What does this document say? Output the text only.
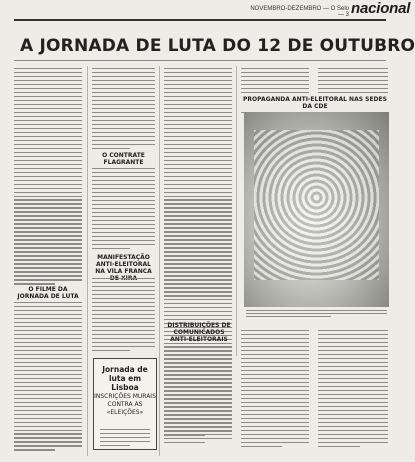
NOVEMBRO-DEZEMBRO — O Selo — 3 nacional
A JORNADA DE LUTA DO 12 DE OUTUBRO
O FILME DA JORNADA DE LUTA
O CONTRATE FLAGRANTE
MANIFESTAÇÃO ANTI-ELEITORAL NA VILA FRANCA
Jornada de luta em Lisboa
INSCRIÇÕES MURAIS CONTRA AS «ELEIÇÕES»
DISTRIBUIÇÕES DE COMUNICADOS ANTI-ELEITORAIS
PROPAGANDA ANTI-ELEITORAL NAS SEDES DA CDE
